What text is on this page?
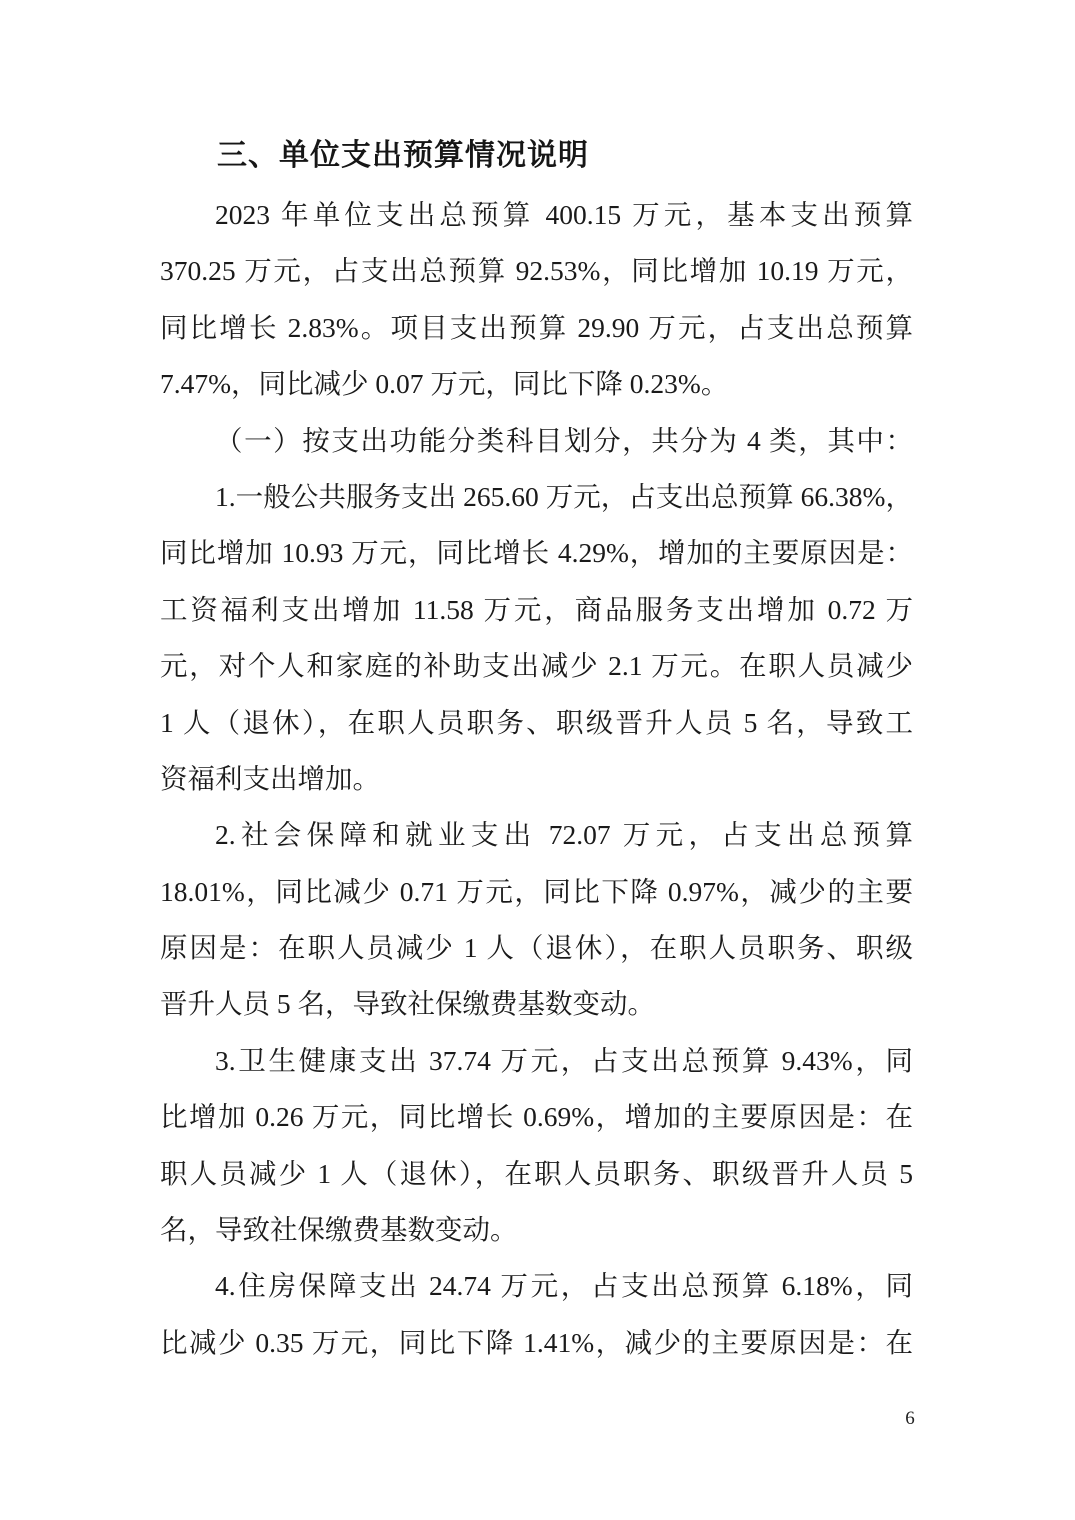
三、单位支出预算情况说明
2023 年单位支出总预算 400.15 万元，基本支出预算
370.25 万元，占支出总预算 92.53%，同比增加 10.19 万元，
同比增长 2.83%。项目支出预算 29.90 万元，占支出总预算
7.47%，同比减少 0.07 万元，同比下降 0.23%。
（一）按支出功能分类科目划分，共分为 4 类，其中：
1.一般公共服务支出 265.60 万元，占支出总预算 66.38%，
同比增加 10.93 万元，同比增长 4.29%，增加的主要原因是：
工资福利支出增加 11.58 万元，商品服务支出增加 0.72 万
元，对个人和家庭的补助支出减少 2.1 万元。在职人员减少
1 人（退休），在职人员职务、职级晋升人员 5 名，导致工
资福利支出增加。
2.社会保障和就业支出 72.07 万元，占支出总预算
18.01%，同比减少 0.71 万元，同比下降 0.97%，减少的主要
原因是：在职人员减少 1 人（退休），在职人员职务、职级
晋升人员 5 名，导致社保缴费基数变动。
3.卫生健康支出 37.74 万元，占支出总预算 9.43%，同
比增加 0.26 万元，同比增长 0.69%，增加的主要原因是：在
职人员减少 1 人（退休），在职人员职务、职级晋升人员 5
名，导致社保缴费基数变动。
4.住房保障支出 24.74 万元，占支出总预算 6.18%，同
比减少 0.35 万元，同比下降 1.41%，减少的主要原因是：在
6
